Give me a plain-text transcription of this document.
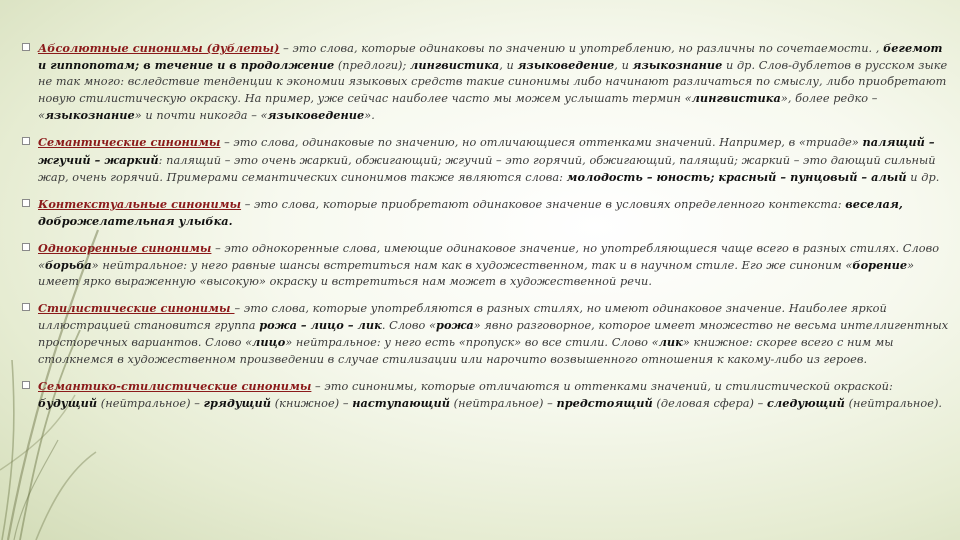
Абсолютные синонимы (дублеты) – это слова, которые одинаковы по значению и употреблению, но различны по сочетаемости. , бегемот и гиппопотам; в течение и в продолжение (предлоги); лингвистика, и языковедение, и языкознание и др. Слов-дублетов в русском зыке не так много: вследствие тенденции к экономии языковых средств такие синонимы либо начинают различаться по смыслу, либо приобретают новую стилистическую окраску. На пример, уже сейчас наиболее часто мы можем услышать термин «лингвистика», более редко – «языкознание» и почти никогда – «языковедение».
Семантические синонимы – это слова, одинаковые по значению, но отличающиеся оттенками значений. Например, в «триаде» палящий – жгучий – жаркий: палящий – это очень жаркий, обжигающий; жгучий – это горячий, обжигающий, палящий; жаркий – это дающий сильный жар, очень горячий. Примерами семантических синонимов также являются слова: молодость – юность; красный – пунцовый – алый и др.
Контекстуальные синонимы – это слова, которые приобретают одинаковое значение в условиях определенного контекста: веселая, доброжелательная улыбка.
Однокоренные синонимы – это однокоренные слова, имеющие одинаковое значение, но употребляющиеся чаще всего в разных стилях. Слово «борьба» нейтральное: у него равные шансы встретиться нам как в художественном, так и в научном стиле. Его же синоним «борение» имеет ярко выраженную «высокую» окраску и встретиться нам может в художественной речи.
Стилистические синонимы – это слова, которые употребляются в разных стилях, но имеют одинаковое значение. Наиболее яркой иллюстрацией становится группа рожа – лицо – лик. Слово «рожа» явно разговорное, которое имеет множество не весьма интеллигентных просторечных вариантов. Слово «лицо» нейтральное: у него есть «пропуск» во все стили. Слово «лик» книжное: скорее всего с ним мы столкнемся в художественном произведении в случае стилизации или нарочито возвышенного отношения к какому-либо из героев.
Семантико-стилистические синонимы – это синонимы, которые отличаются и оттенками значений, и стилистической окраской: будущий (нейтральное) – грядущий (книжное) – наступающий (нейтральное) – предстоящий (деловая сфера) – следующий (нейтральное).
